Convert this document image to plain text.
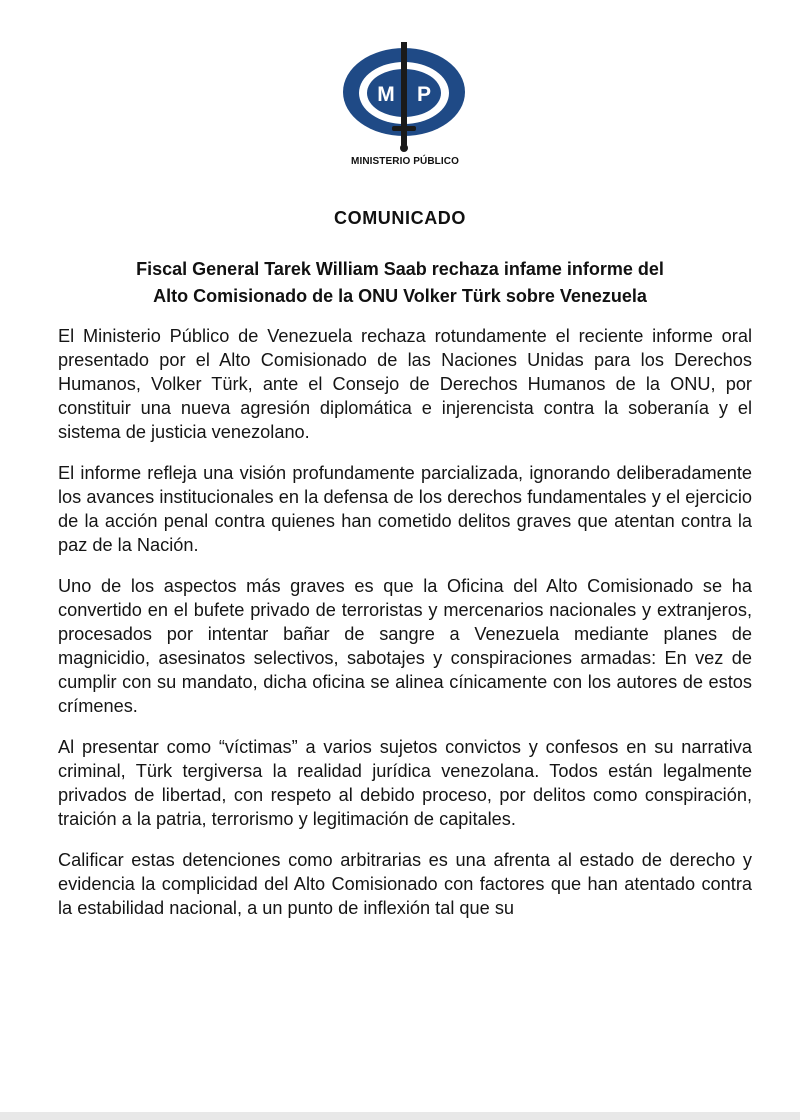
M P
MINISTERIO PÚBLICO
COMUNICADO
Fiscal General Tarek William Saab rechaza infame informe del
Alto Comisionado de la ONU Volker Türk sobre Venezuela

El Ministerio Público de Venezuela rechaza rotundamente el reciente informe oral presentado por el Alto Comisionado de las Naciones Unidas para los Derechos Humanos, Volker Türk, ante el Consejo de Derechos Humanos de la ONU, por constituir una nueva agresión diplomática e injerencista contra la soberanía y el sistema de justicia venezolano.

El informe refleja una visión profundamente parcializada, ignorando deliberadamente los avances institucionales en la defensa de los derechos fundamentales y el ejercicio de la acción penal contra quienes han cometido delitos graves que atentan contra la paz de la Nación.

Uno de los aspectos más graves es que la Oficina del Alto Comisionado se ha convertido en el bufete privado de terroristas y mercenarios nacionales y extranjeros, procesados por intentar bañar de sangre a Venezuela mediante planes de magnicidio, asesinatos selectivos, sabotajes y conspiraciones armadas: En vez de cumplir con su mandato, dicha oficina se alinea cínicamente con los autores de estos crímenes.

Al presentar como “víctimas” a varios sujetos convictos y confesos en su narrativa criminal, Türk tergiversa la realidad jurídica venezolana. Todos están legalmente privados de libertad, con respeto al debido proceso, por delitos como conspiración, traición a la patria, terrorismo y legitimación de capitales.

Calificar estas detenciones como arbitrarias es una afrenta al estado de derecho y evidencia la complicidad del Alto Comisionado con factores que han atentado contra la estabilidad nacional, a un punto de inflexión tal que su
